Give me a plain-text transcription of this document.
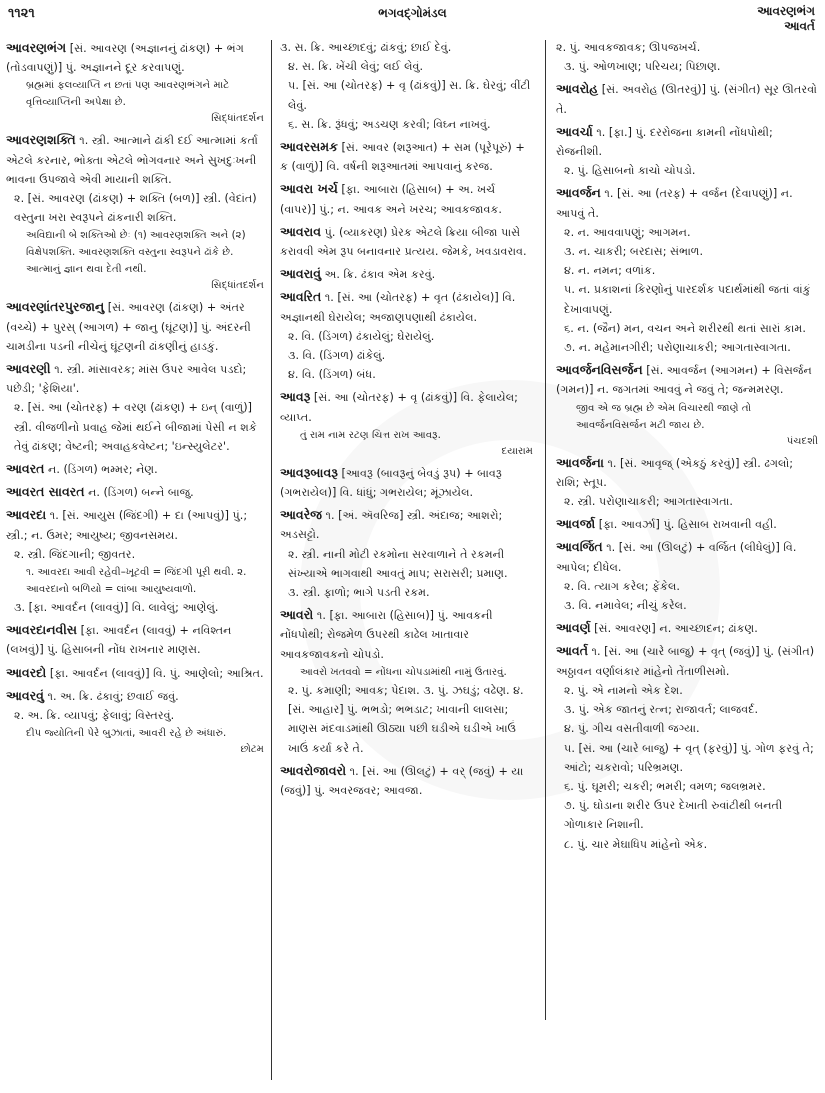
૧૧૨૧	ભગવદ્ગોમંડલ	આવરણભંગ
આવર્ત
આવરણભંગ [સં. આવરણ (અજ્ઞાનનું ઢાંકણ) + ભંગ (તોડવાપણું)] પું. અજ્ઞાનને દૂર કરવાપણું.
બ્રહ્મમાં ફલવ્યાપ્તિ ન છતાં પણ આવરણભંગને માટે વૃત્તિવ્યાપ્તિની અપેક્ષા છે.
સિદ્ધાંતદર્શન
આવરણશક્તિ ૧. સ્ત્રી. આત્માને ઢાંકી દઈ આત્મામાં કર્તા એટલે કરનાર, ભોક્તા એટલે ભોગવનાર અને સુખદુઃખની ભાવના ઉપજાવે એવી માયાની શક્તિ.
૨. [સં. આવરણ (ઢાંકણ) + શક્તિ (બળ)] સ્ત્રી. (વેદાંત) વસ્તુના ખરા સ્વરૂપને ઢાંકનારી શક્તિ.
અવિદ્યાની બે શક્તિઓ છેઃ (૧) આવરણશક્તિ અને (૨) વિક્ષેપશક્તિ. આવરણશક્તિ વસ્તુના સ્વરૂપને ઢાંકે છે. આત્માનું જ્ઞાન થવા દેતી નથી.
સિદ્ધાંતદર્શન
આવરણાંતરપુરજાનુ [સં. આવરણ (ઢાંકણ) + અંતર (વચ્ચે) + પુરસ્ (આગળ) + જાનુ (ઘૂંટણ)] પું. અંદરની ચામડીના પડની નીચેનું ઘૂંટણની ઢાંકણીનું હાડકું.
આવરણી ૧. સ્ત્રી. માંસાવરક; માંસ ઉપર આવેલ પડદો; પછેડી; 'ફેશિયા'.
૨. [સં. આ (ચોતરફ) + વરણ (ઢાંકણ) + ઇન્ (વાળું)] સ્ત્રી. વીજળીનો પ્રવાહ જેમાં થઈને બીજામાં પેસી ન શકે તેવું ઢાંકણ; વેષ્ટની; અવાહકવેષ્ટન; 'ઇન્સ્યુલેટર'.
આવરત ન. (ડિંગળ) ભમ્મર; નેણ.
આવરત સાવરત ન. (ડિંગળ) બન્ને બાજુ.
આવરદા ૧. [સં. આયુસ (જિંદગી) + દા (આપવું)] પું.; સ્ત્રી.; ન. ઉમર; આયુષ્ય; જીવનસમય.
૨. સ્ત્રી. જિંદગાની; જીવતર.
૧. આવરદા આવી રહેવી–ખૂટવી = જિંદગી પૂરી થવી. ૨. આવરદાનો બળિયો = લાંબા આયુષ્યવાળો.
૩. [ફા. આવર્દન (લાવવું)] વિ. લાવેલું; આણેલું.
આવરદાનવીસ [ફા. આવર્દન (લાવવું) + નવિશ્તન (લખવું)] પું. હિસાબની નોંધ રાખનાર માણસ.
આવરદો [ફા. આવર્દન (લાવવું)] વિ. પું. આણેલો; આશ્રિત.
આવરવું ૧. અ. ક્રિ. ઢંકાવું; છવાઈ જવું.
૨. અ. ક્રિ. વ્યાપવું; ફેલાવું; વિસ્તરવું.
દીપ જ્યોતિની પેરે બુઝાતાં, આવરી રહે છે અંધારું.
છોટમ
૩. સ. ક્રિ. આચ્છાદવું; ઢાંકવું; છાઈ દેવું.
૪. સ. ક્રિ. ખેંચી લેવું; લઈ લેવું.
૫. [સં. આ (ચોતરફ) + વૃ (ઢાંકવું)] સ. ક્રિ. ઘેરવું; વીંટી લેવું.
૬. સ. ક્રિ. રૂંધવું; અડચણ કરવી; વિઘ્ન નાખવું.
આવરસમક [સં. આવર (શરૂઆત) + સમ (પૂરેપૂરું) + ક (વાળું)] વિ. વર્ષની શરૂઆતમાં આપવાનું કરજ.
આવરા ખર્ચ [ફા. આબારા (હિસાબ) + અ. ખર્ચ (વાપર)] પું.; ન. આવક અને ખરચ; આવકજાવક.
આવરાવ પું. (વ્યાકરણ) પ્રેરક એટલે ક્રિયા બીજા પાસે કરાવવી એમ રૂપ બનાવનાર પ્રત્યય. જેમકે, ખવડાવરાવ.
આવરાવું અ. ક્રિ. ઢંકાવ એમ કરવું.
આવરિત ૧. [સં. આ (ચોતરફ) + વૃત (ઢંકાયેલ)] વિ. અજ્ઞાનથી ઘેરાયેલ; અજાણપણાથી ઢંકાયેલ.
૨. વિ. (ડિંગળ) ઢંકાયેલું; ઘેરાયેલું.
૩. વિ. (ડિંગળ) ઢાંકેલું.
૪. વિ. (ડિંગળ) બંધ.
આવરૂ [સં. આ (ચોતરફ) + વૃ (ઢાંકવું)] વિ. ફેલાયેલ; વ્યાપ્ત.
તું રામ નામ રટણ ચિત્ત રાખ આવરૂ.
દયારામ
આવરૂબાવરૂ [આવરૂ (બાવરૂનું બેવડું રૂપ) + બાવરૂ (ગભરાયેલ)] વિ. ધાંધું; ગભરાયેલ; મૂંઝાયેલ.
આવરેજ ૧. [અં. ઍવરિજ] સ્ત્રી. અંદાજ; આશરો; અડસટ્ટો.
૨. સ્ત્રી. નાની મોટી રકમોના સરવાળાને તે રકમની સંખ્યાએ ભાગવાથી આવતું માપ; સરાસરી; પ્રમાણ.
૩. સ્ત્રી. ફાળો; ભાગે પડતી રકમ.
આવરો ૧. [ફા. આબારા (હિસાબ)] પું. આવકની નોંધપોથી; રોજમેળ ઉપરથી કાઢેલ ખાતાવાર આવકજાવકનો ચોપડો.
આવરો ખતવવો = નોંધના ચોપડામાંથી નામું ઉતારવું.
૨. પું. કમાણી; આવક; પેદાશ. ૩. પું. ઝઘડું; વઢેણ. ૪. [સં. આહાર] પું. ભભડો; ભભડાટ; ખાવાની લાલસા; માણસ મંદવાડમાંથી ઊઠ્યા પછી ઘડીએ ઘડીએ ખાઉં ખાઉં કર્યા કરે તે.
આવરોજાવરો ૧. [સં. આ (ઊલટું) + વર્ (જવું) + યા (જવું)] પું. અવરજવર; આવજા.
૨. પું. આવકજાવક; ઊપજખર્ચ.
૩. પું. ઓળખાણ; પરિચય; પિછાણ.
આવરોહ [સં. અવરોહ (ઊતરવું)] પું. (સંગીત) સૂર ઊતરવો તે.
આવર્ચા ૧. [ફા.] પું. દરરોજના કામની નોંધપોથી; રોજનીશી.
૨. પું. હિસાબનો કાચો ચોપડો.
આવર્જન ૧. [સં. આ (તરફ) + વર્જન (દેવાપણું)] ન. આપવું તે.
૨. ન. આવવાપણું; આગમન.
૩. ન. ચાકરી; બરદાસ; સંભાળ.
૪. ન. નમન; વળાંક.
૫. ન. પ્રકાશનાં કિરણોનું પારદર્શક પદાર્થમાંથી જતાં વાંકું દેખાવાપણું.
૬. ન. (જૈન) મન, વચન અને શરીરથી થતાં સારાં કામ.
૭. ન. મહેમાનગીરી; પરોણાચાકરી; આગતાસ્વાગતા.
આવર્જનવિસર્જન [સં. આવર્જન (આગમન) + વિસર્જન (ગમન)] ન. જગતમાં આવવું ને જવું તે; જન્મમરણ.
જીવ એ જ બ્રહ્મ છે એમ વિચારથી જાણે તો આવર્જનવિસર્જન મટી જાય છે.
પંચદશી
આવર્જના ૧. [સં. આવૃજ્ (એકઠું કરવું)] સ્ત્રી. ઢગલો; રાશિ; સ્તૂપ.
૨. સ્ત્રી. પરોણાચાકરી; આગતાસ્વાગતા.
આવર્જા [ફા. આવર્ઝા] પું. હિસાબ રાખવાની વહી.
આવર્જિત ૧. [સં. આ (ઊલટું) + વર્જિત (લીધેલું)] વિ. આપેલ; દીધેલ.
૨. વિ. ત્યાગ કરેલ; ફેંકેલ.
૩. વિ. નમાવેલ; નીચું કરેલ.
આવર્ણ [સં. આવરણ] ન. આચ્છાદન; ઢાંકણ.
આવર્ત ૧. [સં. આ (ચારે બાજુ) + વૃત્ (જવું)] પું. (સંગીત) અઠ્ઠાવન વર્ણાલંકાર માંહેનો તેંતાળીસમો.
૨. પું. એ નામનો એક દેશ.
૩. પું. એક જાતનું રત્ન; રાજાવર્ત; લાજવર્દ.
૪. પું. ગીચ વસતીવાળી જગ્યા.
૫. [સં. આ (ચારે બાજુ) + વૃત્ (ફરવું)] પું. ગોળ ફરવું તે; આંટો; ચકરાવો; પરિભ્રમણ.
૬. પું. ઘૂમરી; ચકરી; ભમરી; વમળ; જલભ્રમર.
૭. પું. ઘોડાના શરીર ઉપર દેખાતી રુવાંટીથી બનતી ગોળાકાર નિશાની.
૮. પું. ચાર મેઘાધિપ માંહેનો એક.
